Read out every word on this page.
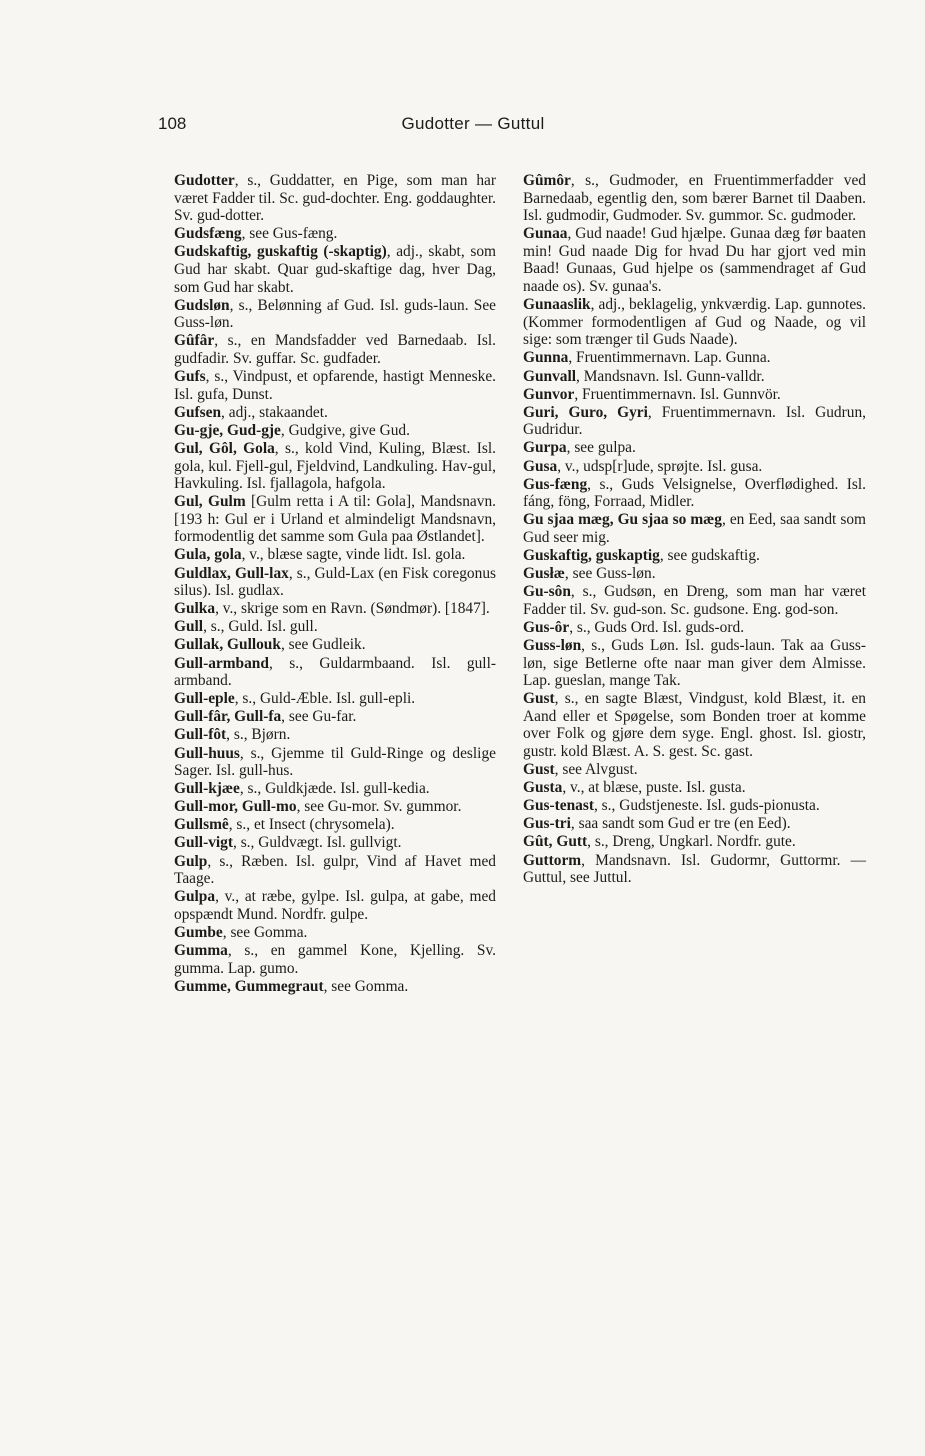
108	Gudotter — Guttul

Gudotter, s., Guddatter, en Pige, som man har været Fadder til. Sc. gud-dochter. Eng. goddaughter. Sv. gud-dotter.

Gudsfæng, see Gus-fæng.

Gudskaftig, guskaftig (-skaptig), adj., skabt, som Gud har skabt. Quar gud-skaftige dag, hver Dag, som Gud har skabt.

Gudsløn, s., Belønning af Gud. Isl. guds-laun. See Guss-løn.

Gûfâr, s., en Mandsfadder ved Barnedaab. Isl. gudfadir. Sv. guffar. Sc. gudfader.

Gufs, s., Vindpust, et opfarende, hastigt Menneske. Isl. gufa, Dunst.

Gufsen, adj., stakaandet.

Gu-gje, Gud-gje, Gudgive, give Gud.

Gul, Gôl, Gola, s., kold Vind, Kuling, Blæst. Isl. gola, kul. Fjell-gul, Fjeldvind, Landkuling. Hav-gul, Havkuling. Isl. fjallagola, hafgola.

Gul, Gulm [Gulm retta i A til: Gola], Mandsnavn. [193 h: Gul er i Urland et almindeligt Mandsnavn, formodentlig det samme som Gula paa Østlandet].

Gula, gola, v., blæse sagte, vinde lidt. Isl. gola.

Guldlax, Gull-lax, s., Guld-Lax (en Fisk coregonus silus). Isl. gudlax.

Gulka, v., skrige som en Ravn. (Søndmør). [1847].

Gull, s., Guld. Isl. gull.

Gullak, Gullouk, see Gudleik.

Gull-armband, s., Guldarmbaand. Isl. gull-armband.

Gull-eple, s., Guld-Æble. Isl. gull-epli.

Gull-fâr, Gull-fa, see Gu-far.

Gull-fôt, s., Bjørn.

Gull-huus, s., Gjemme til Guld-Ringe og deslige Sager. Isl. gull-hus.

Gull-kjæe, s., Guldkjæde. Isl. gull-kedia.

Gull-mor, Gull-mo, see Gu-mor. Sv. gummor.

Gullsmê, s., et Insect (chrysomela).

Gull-vigt, s., Guldvægt. Isl. gullvigt.

Gulp, s., Ræben. Isl. gulpr, Vind af Havet med Taage.

Gulpa, v., at ræbe, gylpe. Isl. gulpa, at gabe, med opspændt Mund. Nordfr. gulpe.

Gumbe, see Gomma.

Gumma, s., en gammel Kone, Kjelling. Sv. gumma. Lap. gumo.

Gumme, Gummegraut, see Gomma.

Gûmôr, s., Gudmoder, en Fruentimmerfadder ved Barnedaab, egentlig den, som bærer Barnet til Daaben. Isl. gudmodir, Gudmoder. Sv. gummor. Sc. gudmoder.

Gunaa, Gud naade! Gud hjælpe. Gunaa dæg før baaten min! Gud naade Dig for hvad Du har gjort ved min Baad! Gunaas, Gud hjelpe os (sammendraget af Gud naade os). Sv. gunaa's.

Gunaaslik, adj., beklagelig, ynkværdig. Lap. gunnotes. (Kommer formodentligen af Gud og Naade, og vil sige: som trænger til Guds Naade).

Gunna, Fruentimmernavn. Lap. Gunna.

Gunvall, Mandsnavn. Isl. Gunn-valldr.

Gunvor, Fruentimmernavn. Isl. Gunnvör.

Guri, Guro, Gyri, Fruentimmernavn. Isl. Gudrun, Gudridur.

Gurpa, see gulpa.

Gusa, v., udsp[r]ude, sprøjte. Isl. gusa.

Gus-fæng, s., Guds Velsignelse, Overflødighed. Isl. fáng, föng, Forraad, Midler.

Gu sjaa mæg, Gu sjaa so mæg, en Eed, saa sandt som Gud seer mig.

Guskaftig, guskaptig, see gudskaftig.

Gusłæ, see Guss-løn.

Gu-sôn, s., Gudsøn, en Dreng, som man har været Fadder til. Sv. gud-son. Sc. gudsone. Eng. god-son.

Gus-ôr, s., Guds Ord. Isl. guds-ord.

Guss-løn, s., Guds Løn. Isl. guds-laun. Tak aa Guss-løn, sige Betlerne ofte naar man giver dem Almisse. Lap. gueslan, mange Tak.

Gust, s., en sagte Blæst, Vindgust, kold Blæst, it. en Aand eller et Spøgelse, som Bonden troer at komme over Folk og gjøre dem syge. Engl. ghost. Isl. giostr, gustr. kold Blæst. A. S. gest. Sc. gast.

Gust, see Alvgust.

Gusta, v., at blæse, puste. Isl. gusta.

Gus-tenast, s., Gudstjeneste. Isl. guds-pionusta.

Gus-tri, saa sandt som Gud er tre (en Eed).

Gût, Gutt, s., Dreng, Ungkarl. Nordfr. gute.

Guttorm, Mandsnavn. Isl. Gudormr, Guttormr. — Guttul, see Juttul.
